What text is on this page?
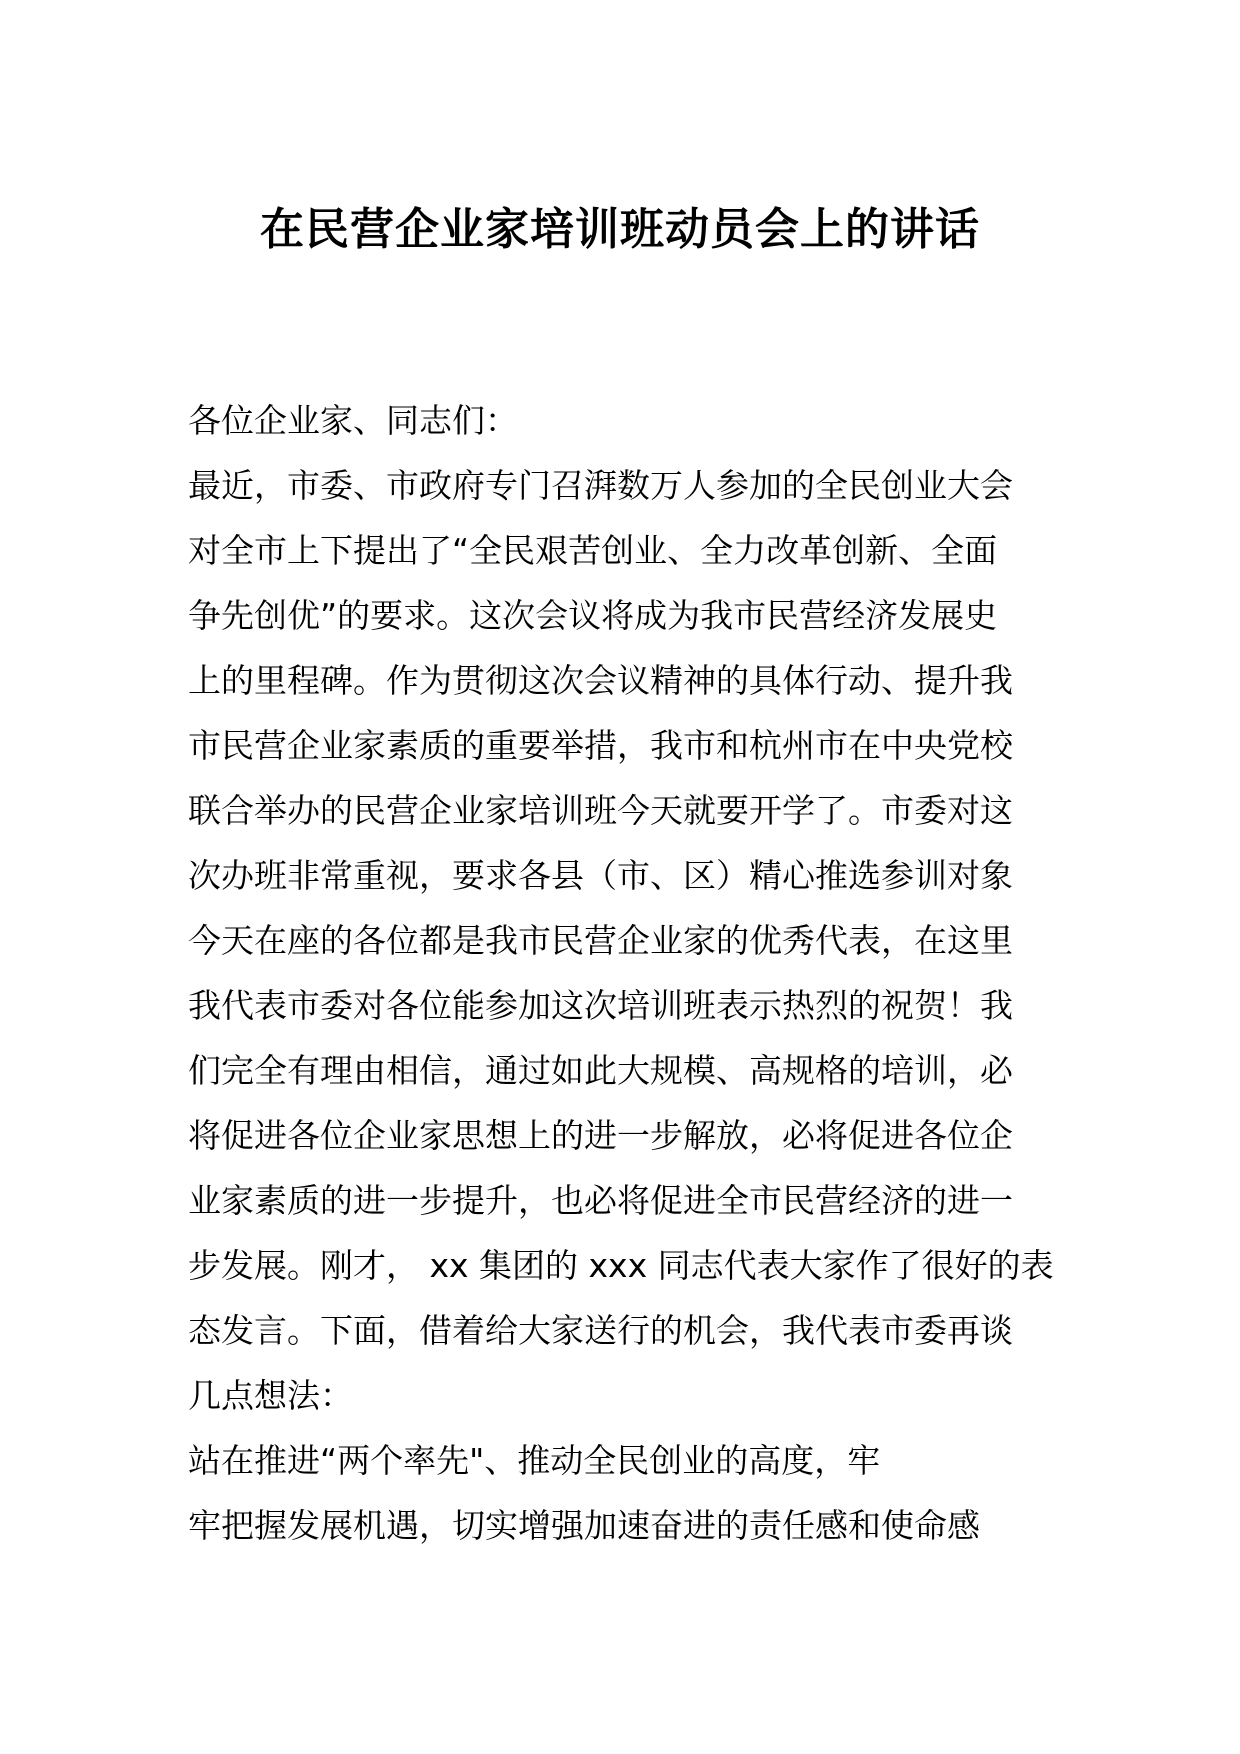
在民营企业家培训班动员会上的讲话
各位企业家、同志们：
最近，市委、市政府专门召湃数万人参加的全民创业大会
对全市上下提出了“全民艰苦创业、全力改革创新、全面
争先创优”的要求。这次会议将成为我市民营经济发展史
上的里程碑。作为贯彻这次会议精神的具体行动、提升我
市民营企业家素质的重要举措，我市和杭州市在中央党校
联合举办的民营企业家培训班今天就要开学了。市委对这
次办班非常重视，要求各县（市、区）精心推选参训对象
今天在座的各位都是我市民营企业家的优秀代表，在这里
我代表市委对各位能参加这次培训班表示热烈的祝贺！我
们完全有理由相信，通过如此大规模、高规格的培训，必
将促进各位企业家思想上的进一步解放，必将促进各位企
业家素质的进一步提升，也必将促进全市民营经济的进一
步发展。刚才， xx 集团的 xxx 同志代表大家作了很好的表
态发言。下面，借着给大家送行的机会，我代表市委再谈
几点想法：
站在推进“两个率先"、推动全民创业的高度，牢
牢把握发展机遇，切实增强加速奋进的责任感和使命感
